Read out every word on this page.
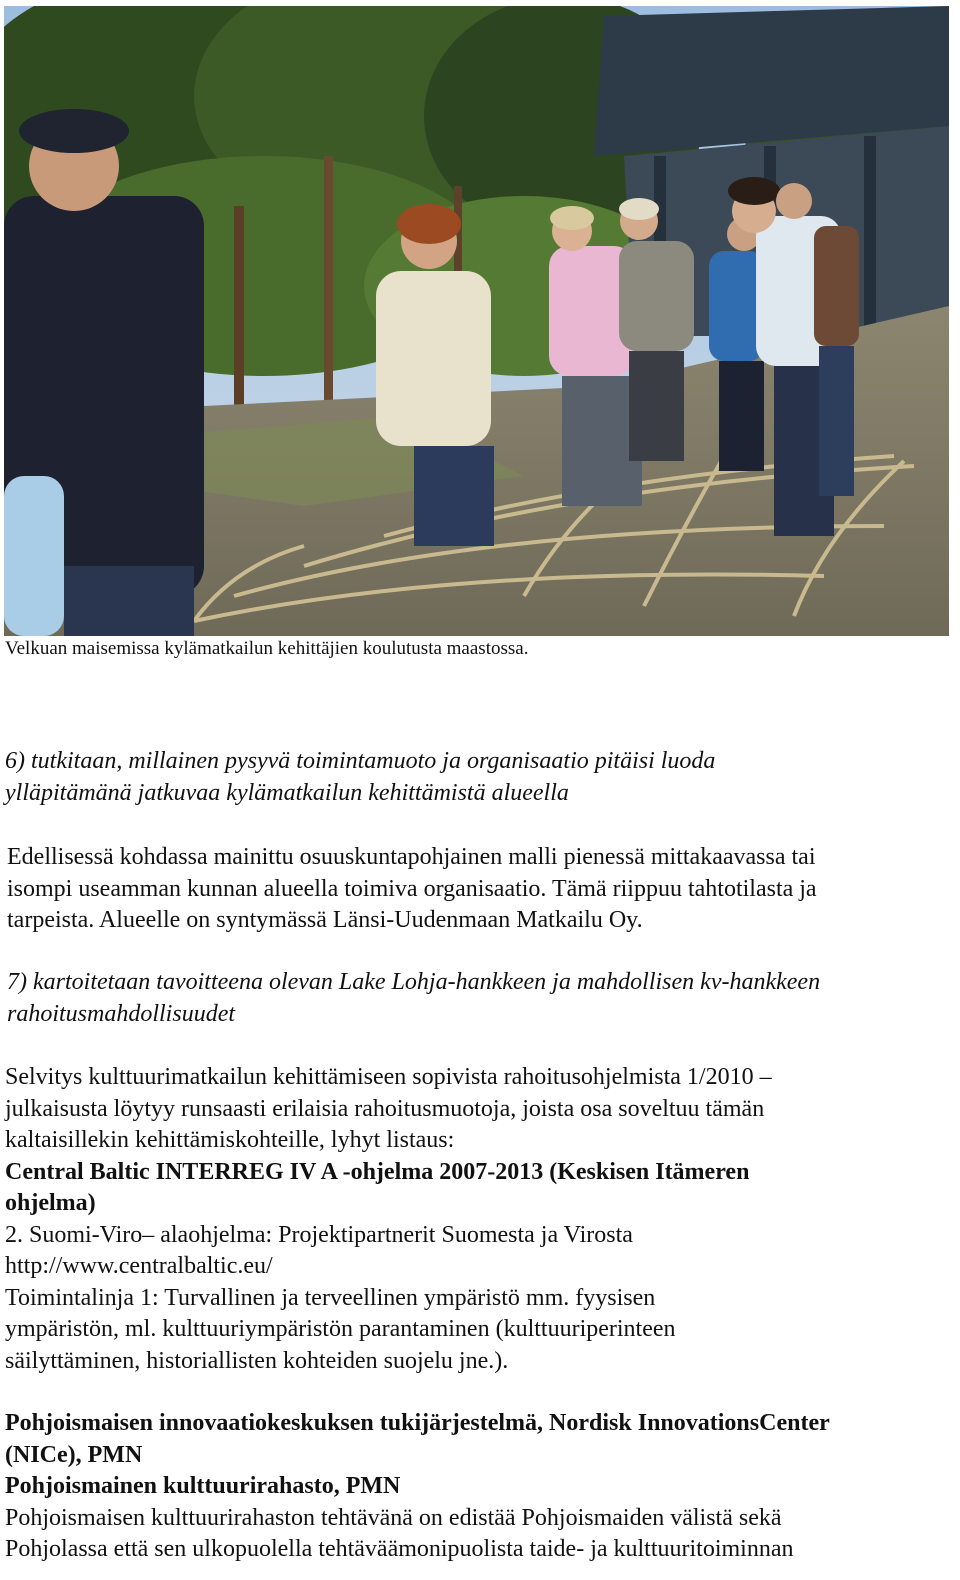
Velkuan maisemissa kylämatkailun kehittäjien koulutusta maastossa.
6) tutkitaan, millainen pysyvä toimintamuoto ja organisaatio pitäisi luoda
ylläpitämänä jatkuvaa kylämatkailun kehittämistä alueella
Edellisessä kohdassa mainittu osuuskuntapohjainen malli pienessä mittakaavassa tai
isompi useamman kunnan alueella toimiva organisaatio. Tämä riippuu tahtotilasta ja
tarpeista. Alueelle on syntymässä Länsi-Uudenmaan Matkailu Oy.
7) kartoitetaan tavoitteena olevan Lake Lohja-hankkeen ja mahdollisen kv-hankkeen
rahoitusmahdollisuudet
Selvitys kulttuurimatkailun kehittämiseen sopivista rahoitusohjelmista 1/2010 –
julkaisusta löytyy runsaasti erilaisia rahoitusmuotoja, joista osa soveltuu tämän
kaltaisillekin kehittämiskohteille, lyhyt listaus:
Central Baltic INTERREG IV A -ohjelma 2007-2013 (Keskisen Itämeren
ohjelma)
2. Suomi-Viro– alaohjelma: Projektipartnerit Suomesta ja Virosta
http://www.centralbaltic.eu/
Toimintalinja 1: Turvallinen ja terveellinen ympäristö mm. fyysisen
ympäristön, ml. kulttuuriympäristön parantaminen (kulttuuriperinteen
säilyttäminen, historiallisten kohteiden suojelu jne.).
Pohjoismaisen innovaatiokeskuksen tukijärjestelmä, Nordisk InnovationsCenter
(NICe), PMN
Pohjoismainen kulttuurirahasto, PMN
Pohjoismaisen kulttuurirahaston tehtävänä on edistää Pohjoismaiden välistä sekä
Pohjolassa että sen ulkopuolella tehtäväämonipuolista taide- ja kulttuuritoiminnan
